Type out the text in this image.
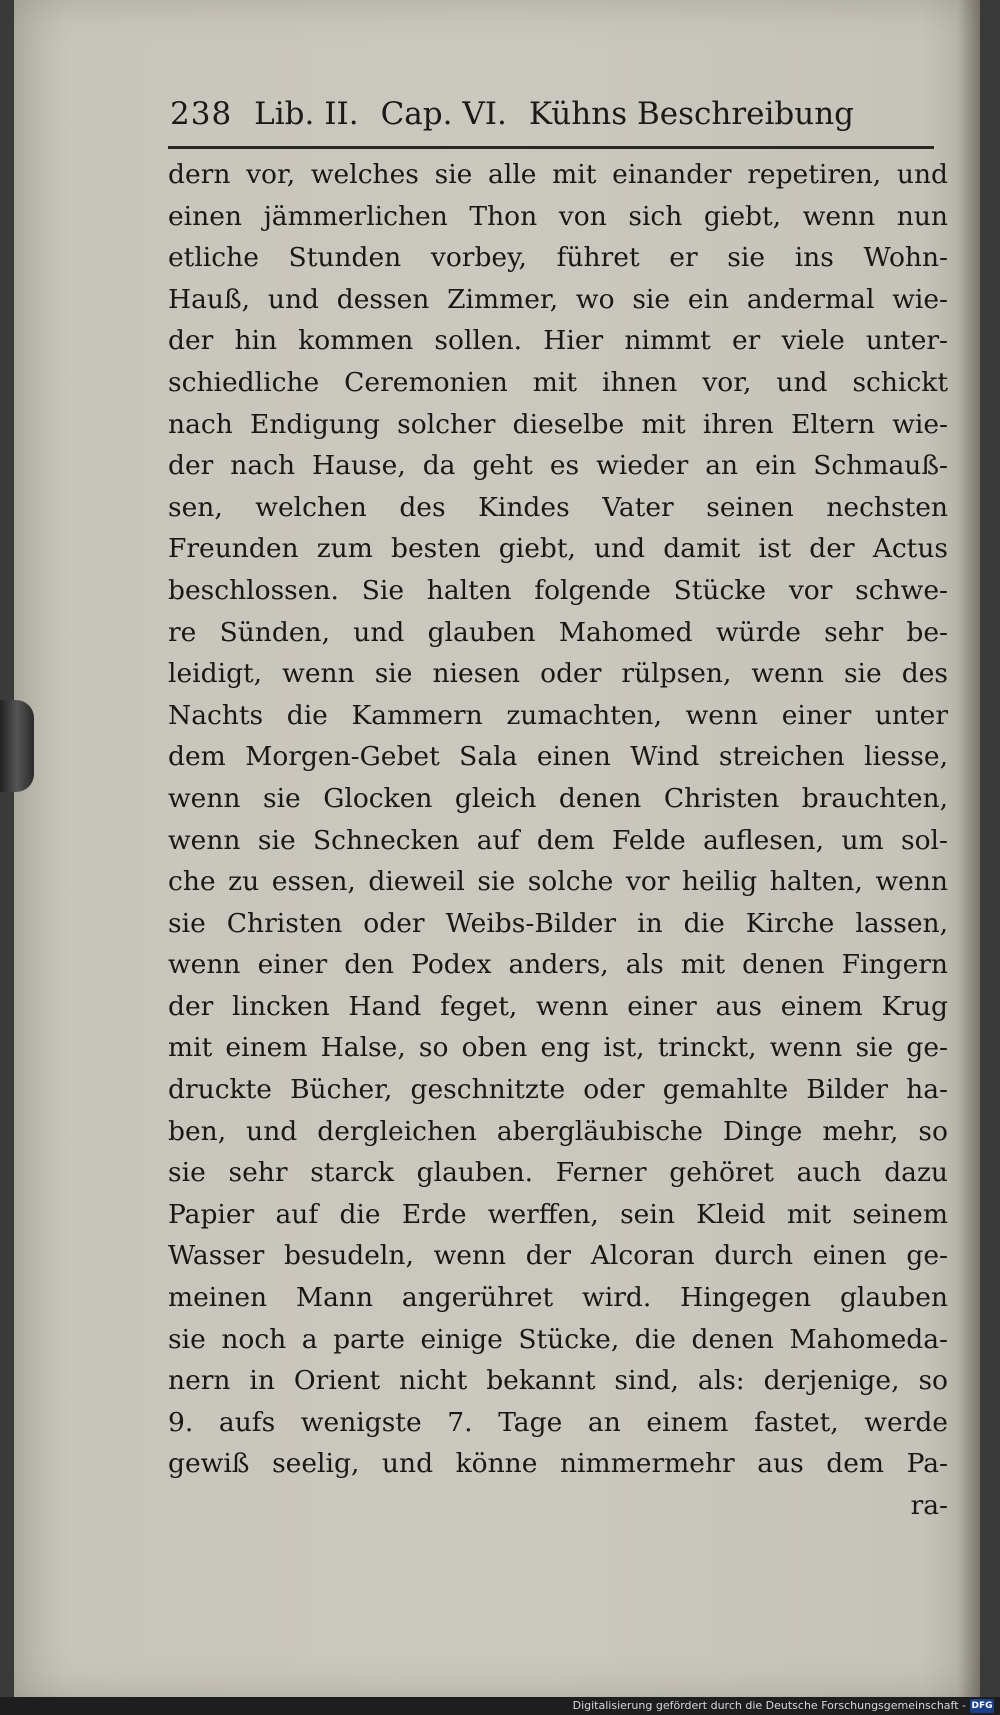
238 Lib. II. Cap. VI. Kühns Beschreibung
dern vor, welches sie alle mit einander repetiren, und
einen jämmerlichen Thon von sich giebt, wenn nun
etliche Stunden vorbey, führet er sie ins Wohn-
Hauß, und dessen Zimmer, wo sie ein andermal wie-
der hin kommen sollen. Hier nimmt er viele unter-
schiedliche Ceremonien mit ihnen vor, und schickt
nach Endigung solcher dieselbe mit ihren Eltern wie-
der nach Hause, da geht es wieder an ein Schmauß-
sen, welchen des Kindes Vater seinen nechsten
Freunden zum besten giebt, und damit ist der Actus
beschlossen. Sie halten folgende Stücke vor schwe-
re Sünden, und glauben Mahomed würde sehr be-
leidigt, wenn sie niesen oder rülpsen, wenn sie des
Nachts die Kammern zumachten, wenn einer unter
dem Morgen-Gebet Sala einen Wind streichen liesse,
wenn sie Glocken gleich denen Christen brauchten,
wenn sie Schnecken auf dem Felde auflesen, um sol-
che zu essen, dieweil sie solche vor heilig halten, wenn
sie Christen oder Weibs-Bilder in die Kirche lassen,
wenn einer den Podex anders, als mit denen Fingern
der lincken Hand feget, wenn einer aus einem Krug
mit einem Halse, so oben eng ist, trinckt, wenn sie ge-
druckte Bücher, geschnitzte oder gemahlte Bilder ha-
ben, und dergleichen abergläubische Dinge mehr, so
sie sehr starck glauben. Ferner gehöret auch dazu
Papier auf die Erde werffen, sein Kleid mit seinem
Wasser besudeln, wenn der Alcoran durch einen ge-
meinen Mann angerühret wird. Hingegen glauben
sie noch a parte einige Stücke, die denen Mahomeda-
nern in Orient nicht bekannt sind, als: derjenige, so
9. aufs wenigste 7. Tage an einem fastet, werde
gewiß seelig, und könne nimmermehr aus dem Pa-
ra-
Digitalisierung gefördert durch die Deutsche Forschungsgemeinschaft - DFG
